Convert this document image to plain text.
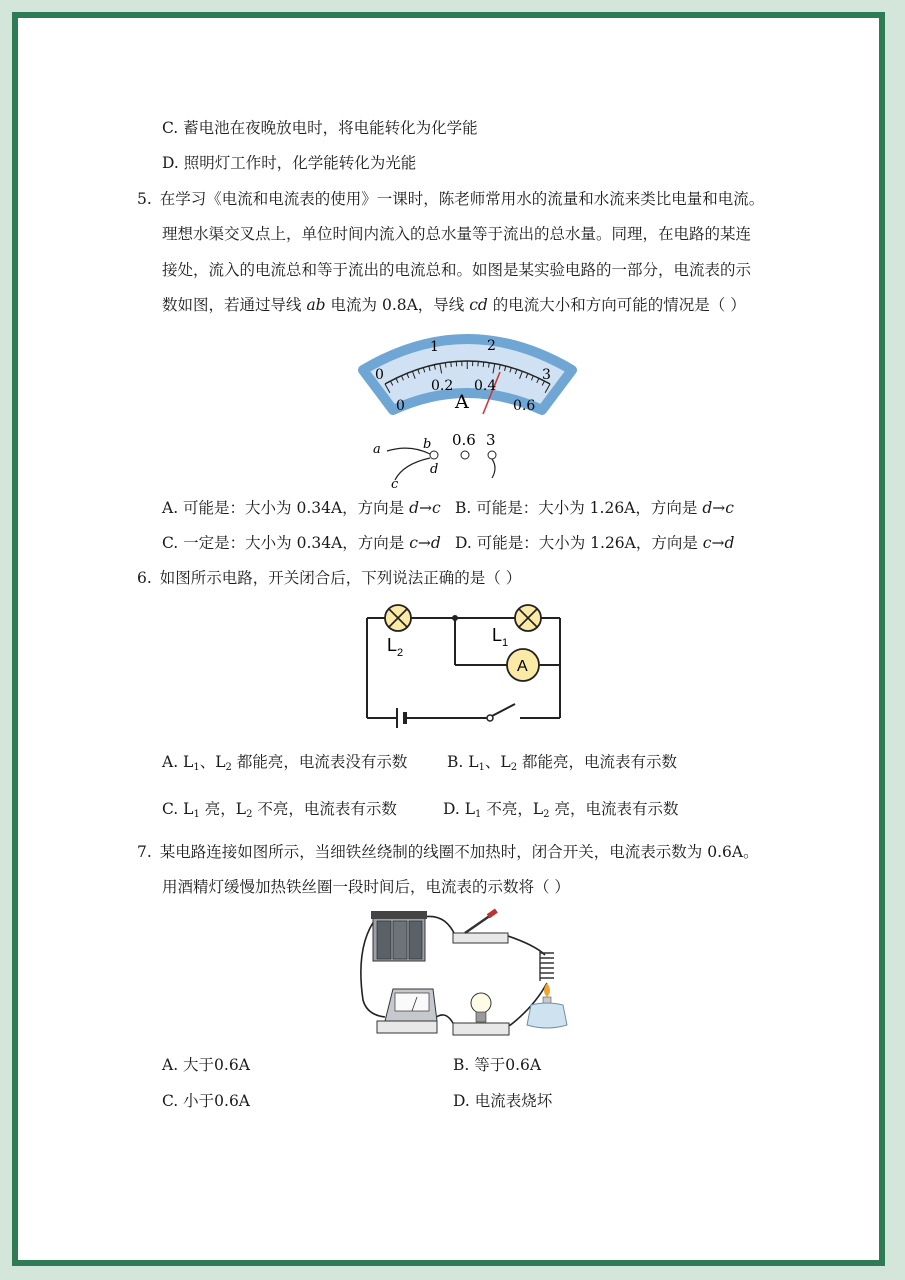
C. 蓄电池在夜晚放电时，将电能转化为化学能
D. 照明灯工作时，化学能转化为光能
5. 在学习《电流和电流表的使用》一课时，陈老师常用水的流量和水流来类比电量和电流。
理想水渠交叉点上，单位时间内流入的总水量等于流出的总水量。同理，在电路的某连
接处，流入的电流总和等于流出的电流总和。如图是某实验电路的一部分，电流表的示
数如图，若通过导线 ab 电流为 0.8A，导线 cd 的电流大小和方向可能的情况是（ ）
0
1	2
3
0
0.2 0.4
0.6
A
a	b
c
d
0.6 3
A. 可能是：大小为 0.34A，方向是 d→c B. 可能是：大小为 1.26A，方向是 d→c
C. 一定是：大小为 0.34A，方向是 c→d D. 可能是：大小为 1.26A，方向是 c→d
6. 如图所示电路，开关闭合后，下列说法正确的是（ ）
A
$L_2$
$L_1$
A. $L_1$、$L_2$ 都能亮，电流表没有示数	B. $L_1$、$L_2$ 都能亮，电流表有示数
C. $L_1$ 亮，$L_2$ 不亮，电流表有示数	D. $L_1$ 不亮，$L_2$ 亮，电流表有示数
7. 某电路连接如图所示，当细铁丝绕制的线圈不加热时，闭合开关，电流表示数为 0.6A。
用酒精灯缓慢加热铁丝圈一段时间后，电流表的示数将（ ）
A. 大于0.6A	B. 等于0.6A
C. 小于0.6A	D. 电流表烧坏
